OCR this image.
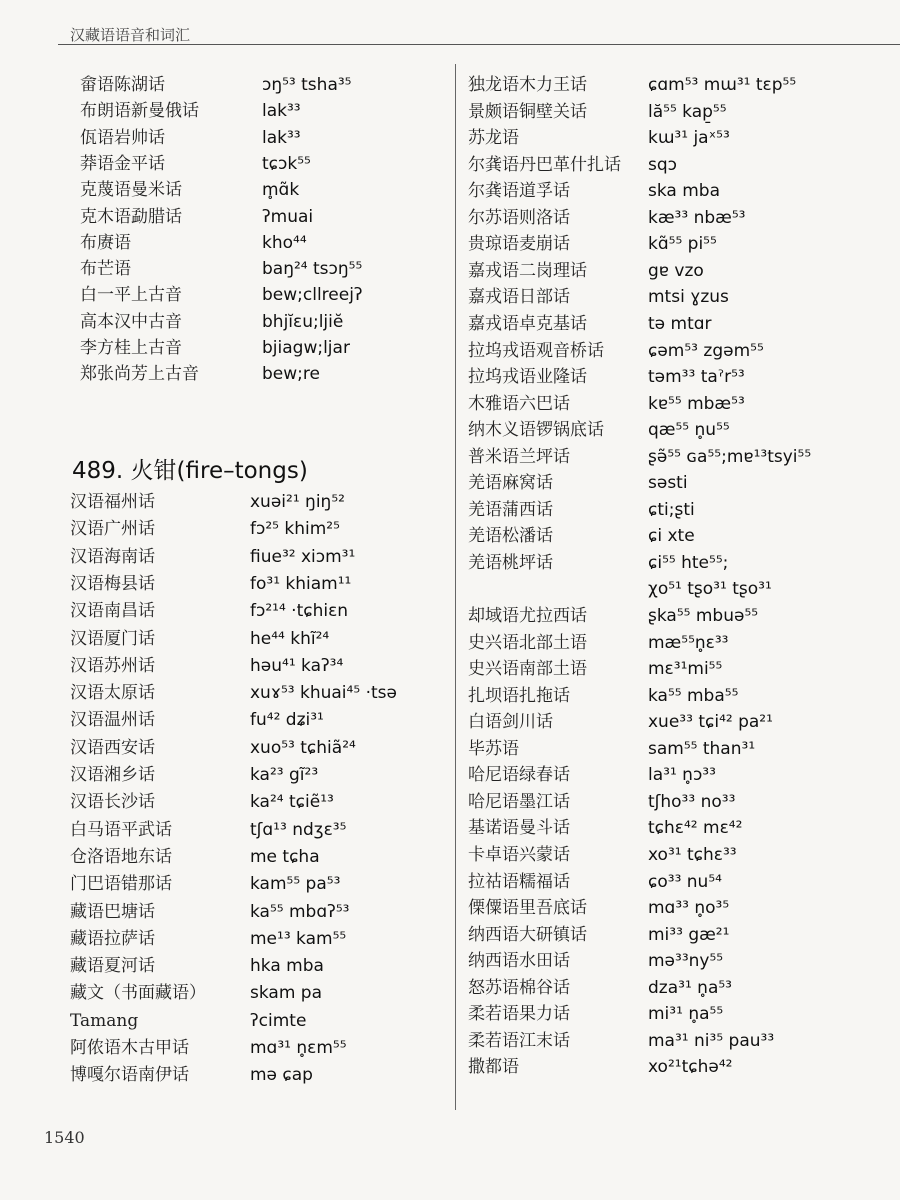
汉藏语语音和词汇
畲语陈湖话	ɔŋ⁵³ tsha³⁵
布朗语新曼俄话	lak³³
佤语岩帅话	lak³³
莽语金平话	tɕɔk⁵⁵
克蔑语曼米话	m̥ɑ̃k
克木语勐腊话	ʔmuai
布赓语	kho⁴⁴
布芒语	baŋ²⁴ tsɔŋ⁵⁵
白一平上古音	bew;cllreejʔ
高本汉中古音	bhjĭɛu;ljiĕ
李方桂上古音	bjiagw;ljar
郑张尚芳上古音	bew;re
489. 火钳(fire–tongs)
汉语福州话	xuəi²¹ ŋiŋ⁵²
汉语广州话	fɔ²⁵ khim²⁵
汉语海南话	fiue³² xiɔm³¹
汉语梅县话	fo³¹ khiam¹¹
汉语南昌话	fɔ²¹⁴ ·tɕhiɛn
汉语厦门话	he⁴⁴ khĩ²⁴
汉语苏州话	həu⁴¹ kaʔ³⁴
汉语太原话	xuɤ⁵³ khuai⁴⁵ ·tsə
汉语温州话	fu⁴² dʑi³¹
汉语西安话	xuo⁵³ tɕhiã²⁴
汉语湘乡话	ka²³ gĩ²³
汉语长沙话	ka²⁴ tɕiẽ¹³
白马语平武话	tʃɑ¹³ ndʒɛ³⁵
仓洛语地东话	me tɕha
门巴语错那话	kam⁵⁵ pa⁵³
藏语巴塘话	ka⁵⁵ mbɑʔ⁵³
藏语拉萨话	me¹³ kam⁵⁵
藏语夏河话	hka mba
藏文（书面藏语）	skam pa
Tamang	ʔcimte
阿侬语木古甲话	mɑ³¹ n̥ɛm⁵⁵
博嘎尔语南伊话	mə ɕap
独龙语木力王话	ɕɑm⁵³ mɯ³¹ tɛp⁵⁵
景颇语铜壁关话	lă⁵⁵ kap̱⁵⁵
苏龙语	kɯ³¹ jaˣ⁵³
尔龚语丹巴革什扎话 sqɔ
尔龚语道孚话	ska mba
尔苏语则洛话	kæ³³ nbæ⁵³
贵琼语麦崩话	kɑ̃⁵⁵ pi⁵⁵
嘉戎语二岗理话	gɐ vzo
嘉戎语日部话	mtsi ɣzus
嘉戎语卓克基话	tə mtɑr
拉坞戎语观音桥话	ɕəm⁵³ zgəm⁵⁵
拉坞戎语业隆话	təm³³ taˀr⁵³
木雅语六巴话	kɐ⁵⁵ mbæ⁵³
纳木义语锣锅底话	qæ⁵⁵ n̥u⁵⁵
普米语兰坪话	ʂə̃⁵⁵ ɢa⁵⁵;mɐ¹³tsyi⁵⁵
羌语麻窝话	səsti
羌语蒲西话	ɕti;ʂti
羌语松潘话	ɕi xte
羌语桃坪话	ɕi⁵⁵ hte⁵⁵;
χo⁵¹ tʂo³¹ tʂo³¹
却域语尤拉西话	ʂka⁵⁵ mbuə⁵⁵
史兴语北部土语	mæ⁵⁵n̥ɛ³³
史兴语南部土语	mɛ³¹mi⁵⁵
扎坝语扎拖话	ka⁵⁵ mba⁵⁵
白语剑川话	xue³³ tɕi⁴² pa²¹
毕苏语	sam⁵⁵ than³¹
哈尼语绿春话	la³¹ n̥ɔ³³
哈尼语墨江话	tʃho³³ no³³
基诺语曼斗话	tɕhɛ⁴² mɛ⁴²
卡卓语兴蒙话	xo³¹ tɕhɛ³³
拉祜语糯福话	ɕo³³ nu⁵⁴
傈僳语里吾底话	mɑ³³ n̥o³⁵
纳西语大研镇话	mi³³ gæ²¹
纳西语水田话	mə³³ny⁵⁵
怒苏语棉谷话	dza³¹ n̥a⁵³
柔若语果力话	mi³¹ n̥a⁵⁵
柔若语江末话	ma³¹ ni³⁵ pau³³
撒都语	xo²¹tɕhə⁴²
1540
